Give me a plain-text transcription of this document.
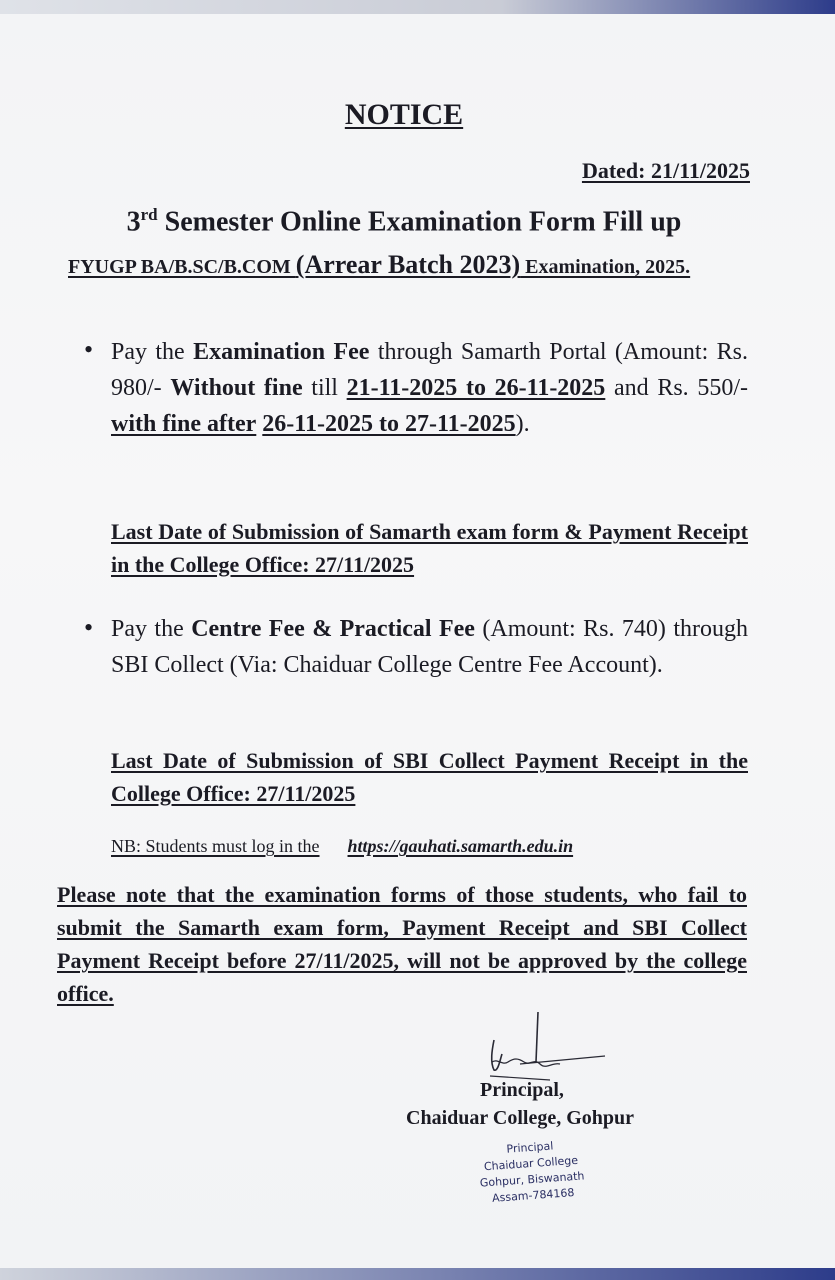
NOTICE
Dated: 21/11/2025
3rd Semester Online Examination Form Fill up
FYUGP BA/B.SC/B.COM (Arrear Batch 2023) Examination, 2025.
• Pay the Examination Fee through Samarth Portal (Amount: Rs. 980/- Without fine till 21-11-2025 to 26-11-2025 and Rs. 550/- with fine after 26-11-2025 to 27-11-2025).
Last Date of Submission of Samarth exam form & Payment Receipt in the College Office: 27/11/2025
• Pay the Centre Fee & Practical Fee (Amount: Rs. 740) through SBI Collect (Via: Chaiduar College Centre Fee Account).
Last Date of Submission of SBI Collect Payment Receipt in the College Office: 27/11/2025
NB: Students must log in the https://gauhati.samarth.edu.in
Please note that the examination forms of those students, who fail to submit the Samarth exam form, Payment Receipt and SBI Collect Payment Receipt before 27/11/2025, will not be approved by the college office.
Principal,
Chaiduar College, Gohpur
Principal
Chaiduar College
Gohpur, Biswanath
Assam-784168
